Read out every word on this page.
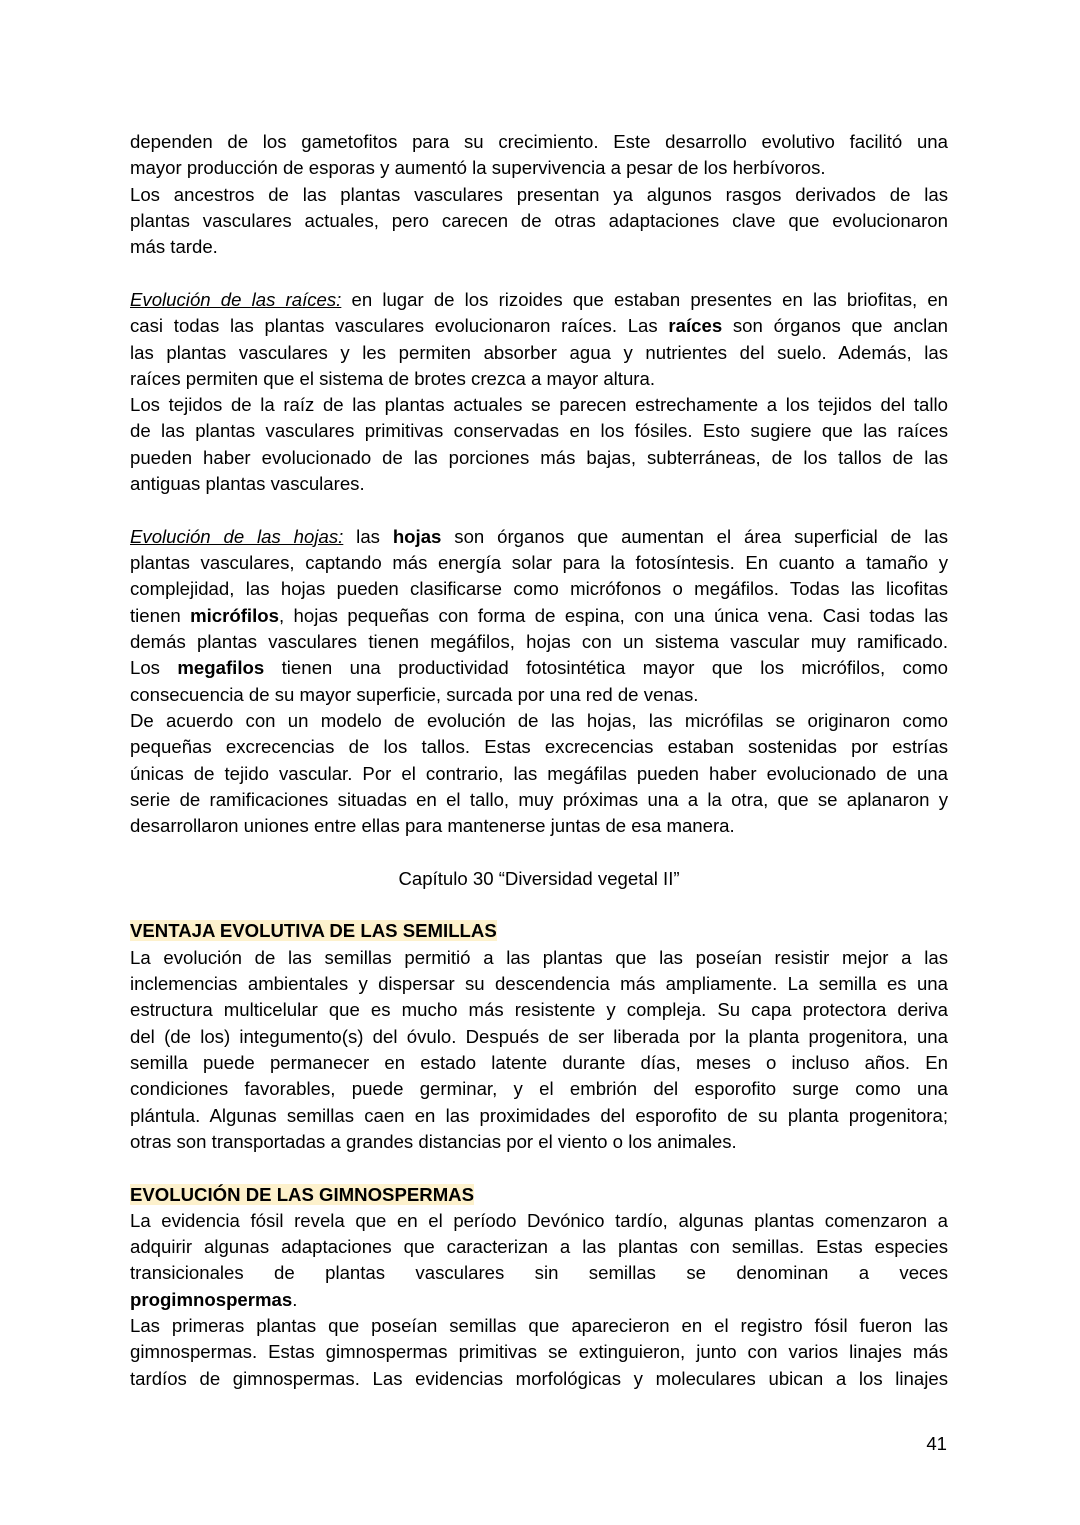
dependen de los gametofitos para su crecimiento. Este desarrollo evolutivo facilitó una
mayor producción de esporas y aumentó la supervivencia a pesar de los herbívoros.
Los ancestros de las plantas vasculares presentan ya algunos rasgos derivados de las
plantas vasculares actuales, pero carecen de otras adaptaciones clave que evolucionaron
más tarde.
Evolución de las raíces: en lugar de los rizoides que estaban presentes en las briofitas, en
casi todas las plantas vasculares evolucionaron raíces. Las raíces son órganos que anclan
las plantas vasculares y les permiten absorber agua y nutrientes del suelo. Además, las
raíces permiten que el sistema de brotes crezca a mayor altura.
Los tejidos de la raíz de las plantas actuales se parecen estrechamente a los tejidos del tallo
de las plantas vasculares primitivas conservadas en los fósiles. Esto sugiere que las raíces
pueden haber evolucionado de las porciones más bajas, subterráneas, de los tallos de las
antiguas plantas vasculares.
Evolución de las hojas: las hojas son órganos que aumentan el área superficial de las
plantas vasculares, captando más energía solar para la fotosíntesis. En cuanto a tamaño y
complejidad, las hojas pueden clasificarse como micrófonos o megáfilos. Todas las licofitas
tienen micrófilos, hojas pequeñas con forma de espina, con una única vena. Casi todas las
demás plantas vasculares tienen megáfilos, hojas con un sistema vascular muy ramificado.
Los megafilos tienen una productividad fotosintética mayor que los micrófilos, como
consecuencia de su mayor superficie, surcada por una red de venas.
De acuerdo con un modelo de evolución de las hojas, las micrófilas se originaron como
pequeñas excrecencias de los tallos. Estas excrecencias estaban sostenidas por estrías
únicas de tejido vascular. Por el contrario, las megáfilas pueden haber evolucionado de una
serie de ramificaciones situadas en el tallo, muy próximas una a la otra, que se aplanaron y
desarrollaron uniones entre ellas para mantenerse juntas de esa manera.
Capítulo 30 “Diversidad vegetal II”
VENTAJA EVOLUTIVA DE LAS SEMILLAS
La evolución de las semillas permitió a las plantas que las poseían resistir mejor a las
inclemencias ambientales y dispersar su descendencia más ampliamente. La semilla es una
estructura multicelular que es mucho más resistente y compleja. Su capa protectora deriva
del (de los) integumento(s) del óvulo. Después de ser liberada por la planta progenitora, una
semilla puede permanecer en estado latente durante días, meses o incluso años. En
condiciones favorables, puede germinar, y el embrión del esporofito surge como una
plántula. Algunas semillas caen en las proximidades del esporofito de su planta progenitora;
otras son transportadas a grandes distancias por el viento o los animales.
EVOLUCIÓN DE LAS GIMNOSPERMAS
La evidencia fósil revela que en el período Devónico tardío, algunas plantas comenzaron a
adquirir algunas adaptaciones que caracterizan a las plantas con semillas. Estas especies
transicionales de plantas vasculares sin semillas se denominan a veces
progimnospermas.
Las primeras plantas que poseían semillas que aparecieron en el registro fósil fueron las
gimnospermas. Estas gimnospermas primitivas se extinguieron, junto con varios linajes más
tardíos de gimnospermas. Las evidencias morfológicas y moleculares ubican a los linajes
41
